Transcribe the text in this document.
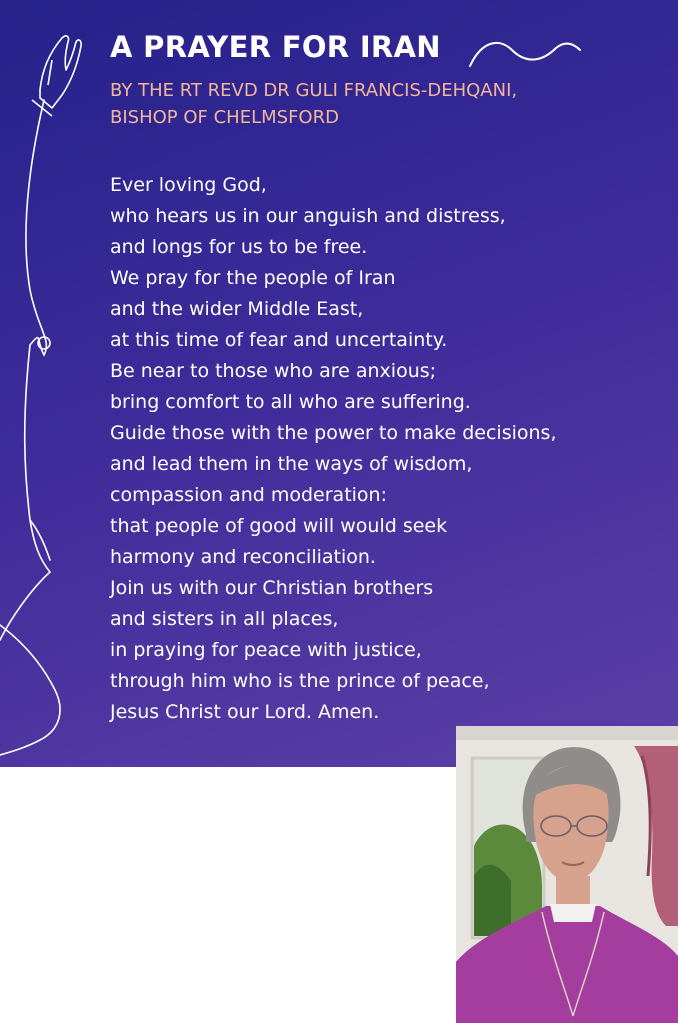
A PRAYER FOR IRAN
BY THE RT REVD DR GULI FRANCIS-DEHQANI,
BISHOP OF CHELMSFORD
Ever loving God,
who hears us in our anguish and distress,
and longs for us to be free.
We pray for the people of Iran
and the wider Middle East,
at this time of fear and uncertainty.
Be near to those who are anxious;
bring comfort to all who are suffering.
Guide those with the power to make decisions,
and lead them in the ways of wisdom,
compassion and moderation:
that people of good will would seek
harmony and reconciliation.
Join us with our Christian brothers
and sisters in all places,
in praying for peace with justice,
through him who is the prince of peace,
Jesus Christ our Lord. Amen.
